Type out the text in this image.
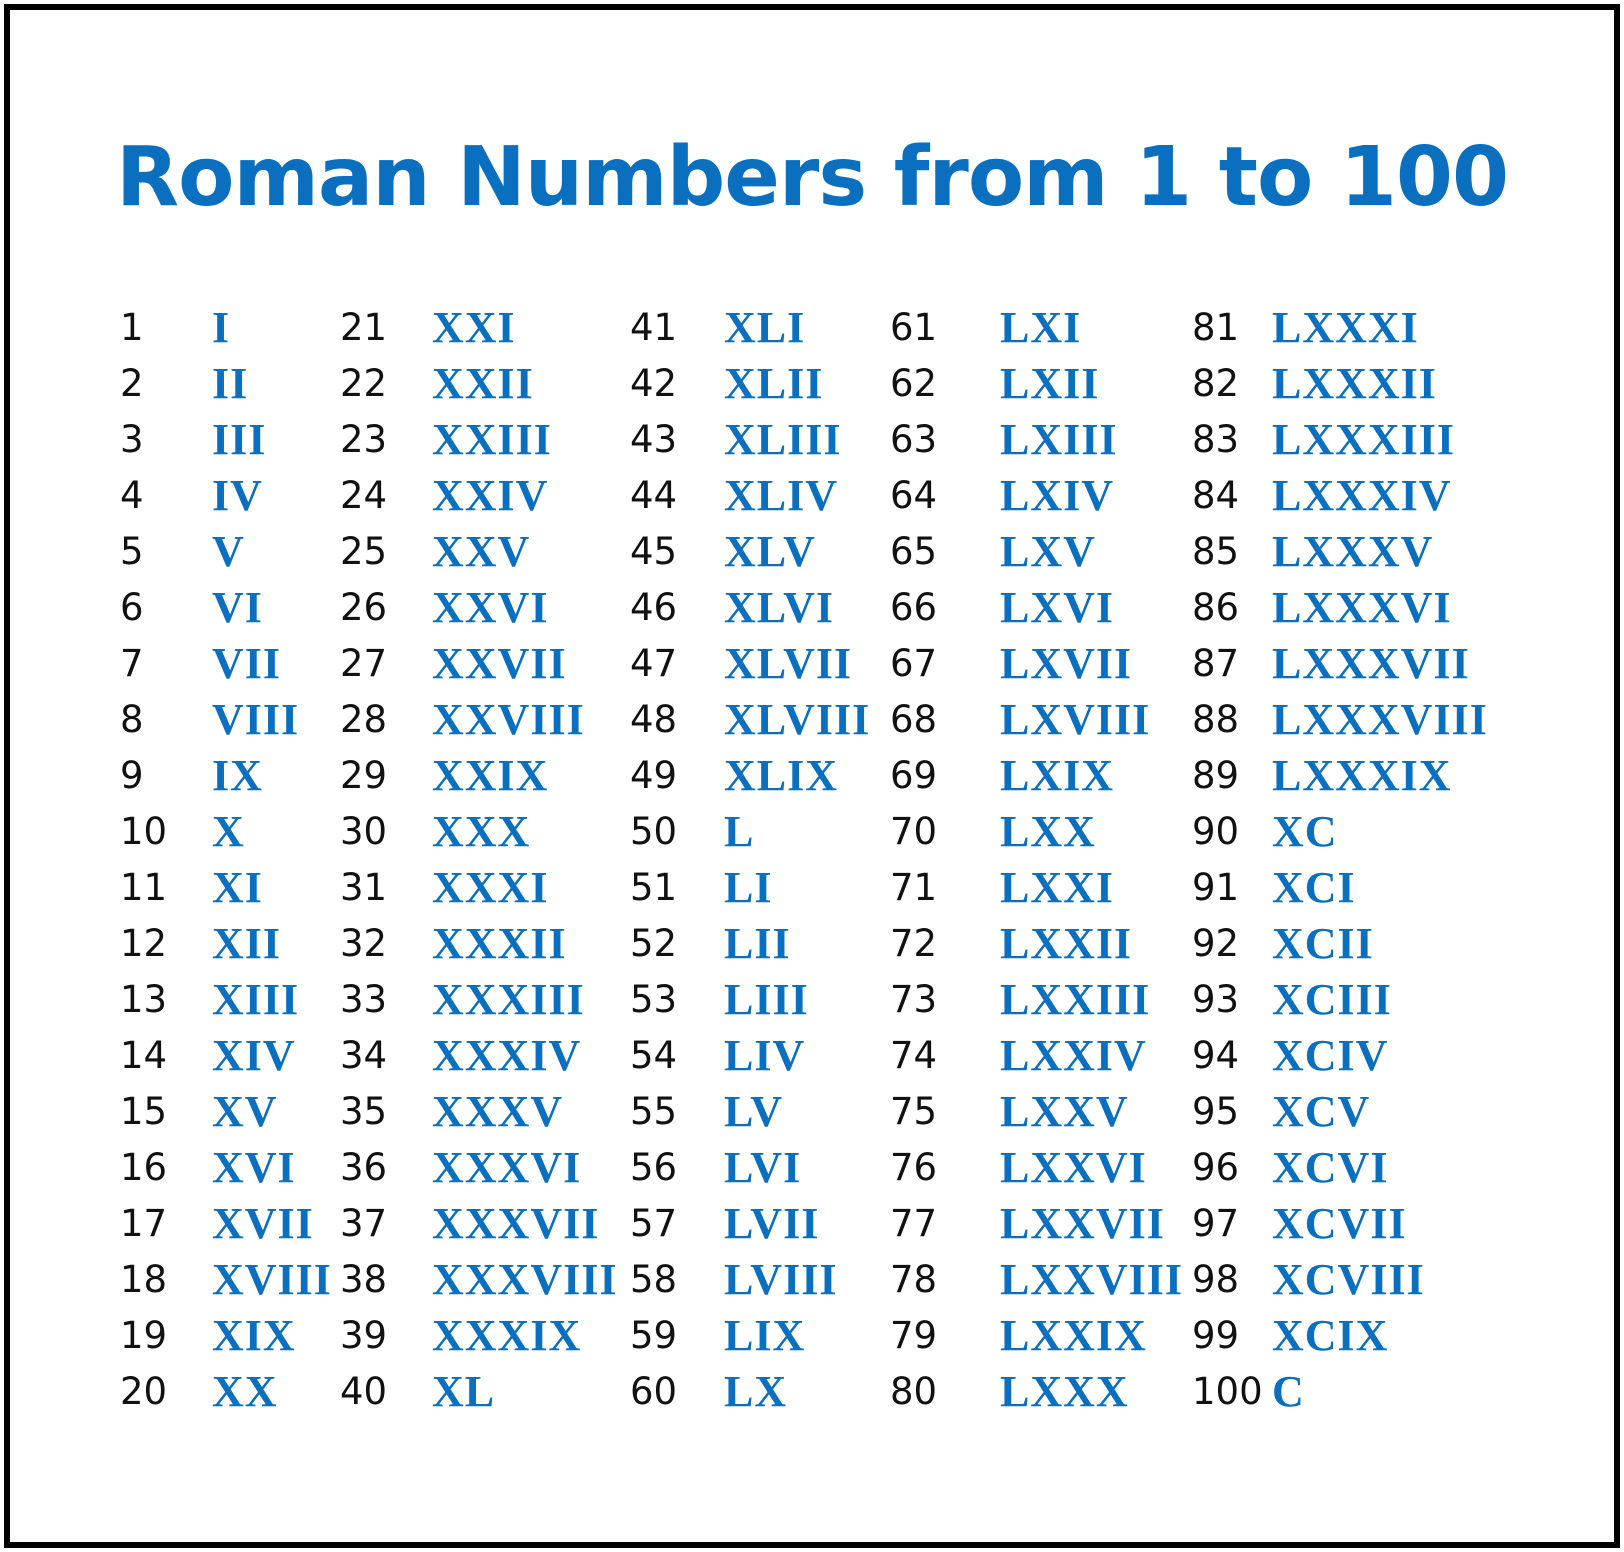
Roman Numbers from 1 to 100
1 I
2 II
3 III
4 IV
5 V
6 VI
7 VII
8 VIII
9 IX
10 X
11 XI
12 XII
13 XIII
14 XIV
15 XV
16 XVI
17 XVII
18 XVIII
19 XIX
20 XX
21 XXI
22 XXII
23 XXIII
24 XXIV
25 XXV
26 XXVI
27 XXVII
28 XXVIII
29 XXIX
30 XXX
31 XXXI
32 XXXII
33 XXXIII
34 XXXIV
35 XXXV
36 XXXVI
37 XXXVII
38 XXXVIII
39 XXXIX
40 XL
41 XLI
42 XLII
43 XLIII
44 XLIV
45 XLV
46 XLVI
47 XLVII
48 XLVIII
49 XLIX
50 L
51 LI
52 LII
53 LIII
54 LIV
55 LV
56 LVI
57 LVII
58 LVIII
59 LIX
60 LX
61 LXI
62 LXII
63 LXIII
64 LXIV
65 LXV
66 LXVI
67 LXVII
68 LXVIII
69 LXIX
70 LXX
71 LXXI
72 LXXII
73 LXXIII
74 LXXIV
75 LXXV
76 LXXVI
77 LXXVII
78 LXXVIII
79 LXXIX
80 LXXX
81 LXXXI
82 LXXXII
83 LXXXIII
84 LXXXIV
85 LXXXV
86 LXXXVI
87 LXXXVII
88 LXXXVIII
89 LXXXIX
90 XC
91 XCI
92 XCII
93 XCIII
94 XCIV
95 XCV
96 XCVI
97 XCVII
98 XCVIII
99 XCIX
100 C
